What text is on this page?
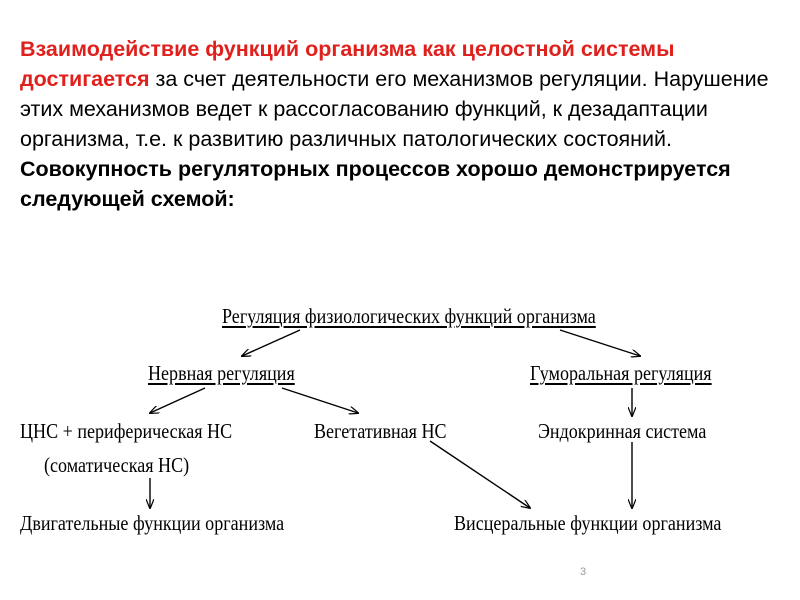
Взаимодействие функций организма как целостной системы достигается за счет деятельности его механизмов регуляции. Нарушение этих механизмов ведет к рассогласованию функций, к дезадаптации организма, т.е. к развитию различных патологических состояний.
Совокупность регуляторных процессов хорошо демонстрируется следующей схемой:
Регуляция физиологических функций организма
Нервная регуляция	Гуморальная регуляция
ЦНС + периферическая НС
(соматическая НС)
Вегетативная НС	Эндокринная система
Двигательные функции организма	Висцеральные функции организма
3
